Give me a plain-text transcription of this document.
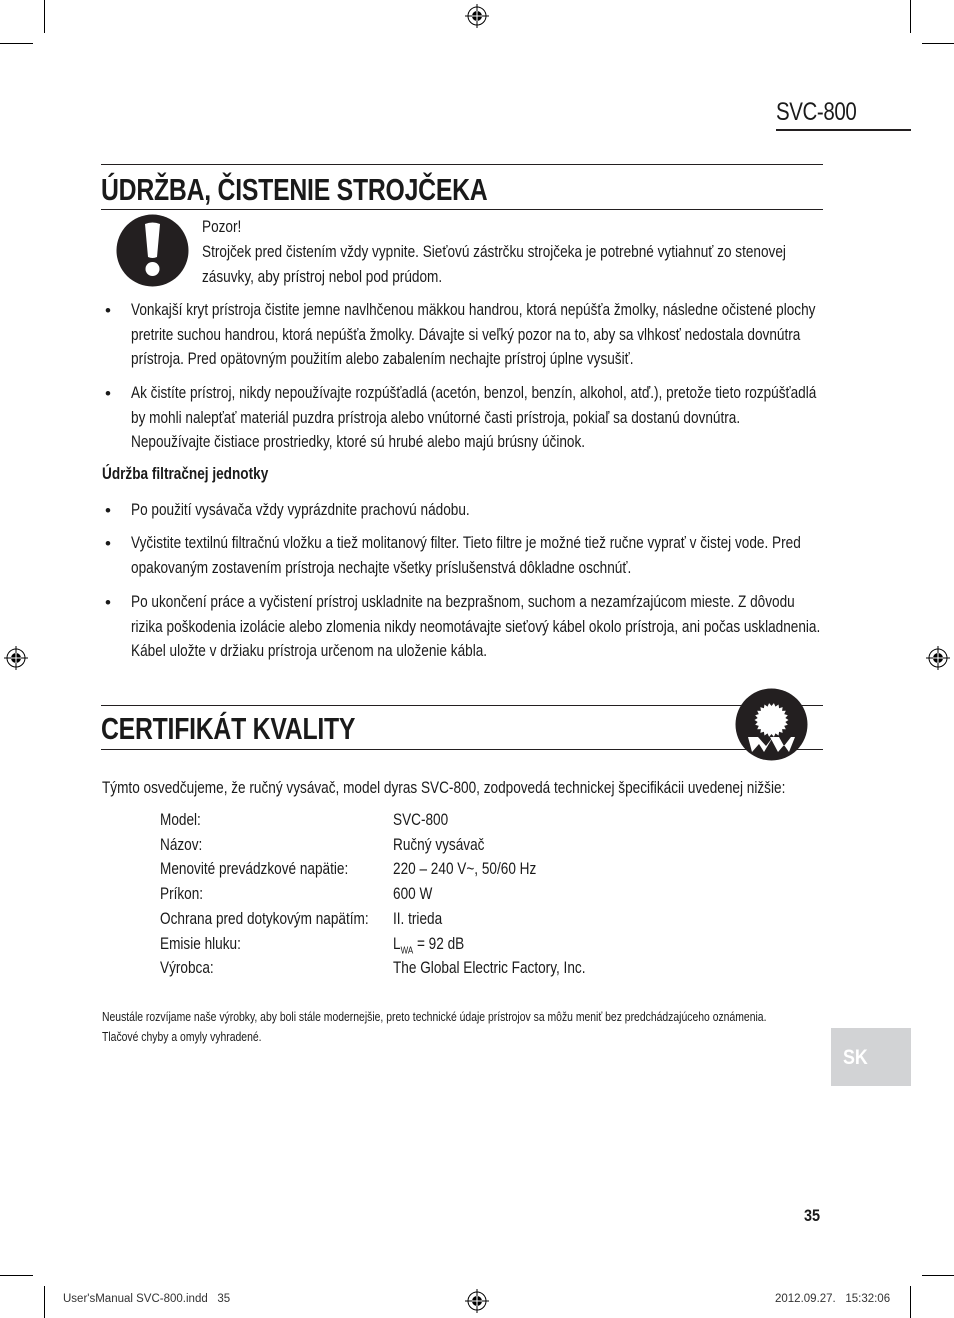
SVC-800
ÚDRŽBA, ČISTENIE STROJČEKA
Pozor!
Strojček pred čistením vždy vypnite. Sieťovú zástrčku strojčeka je potrebné vytiahnuť zo stenovej zásuvky, aby prístroj nebol pod prúdom.
• Vonkajší kryt prístroja čistite jemne navlhčenou mäkkou handrou, ktorá nepúšťa žmolky, následne očistené plochy pretrite suchou handrou, ktorá nepúšťa žmolky. Dávajte si veľký pozor na to, aby sa vlhkosť nedostala dovnútra prístroja. Pred opätovným použitím alebo zabalením nechajte prístroj úplne vysušiť.
• Ak čistíte prístroj, nikdy nepoužívajte rozpúšťadlá (acetón, benzol, benzín, alkohol, atď.), pretože tieto rozpúšťadlá by mohli nalepťať materiál puzdra prístroja alebo vnútorné časti prístroja, pokiaľ sa dostanú dovnútra. Nepoužívajte čistiace prostriedky, ktoré sú hrubé alebo majú brúsny účinok.
Údržba filtračnej jednotky
• Po použití vysávača vždy vyprázdnite prachovú nádobu.
• Vyčistite textilnú filtračnú vložku a tiež molitanový filter. Tieto filtre je možné tiež ručne vyprať v čistej vode. Pred opakovaným zostavením prístroja nechajte všetky príslušenstvá dôkladne oschnúť.
• Po ukončení práce a vyčistení prístroj uskladnite na bezprašnom, suchom a nezamŕzajúcom mieste. Z dôvodu rizika poškodenia izolácie alebo zlomenia nikdy neomotávajte sieťový kábel okolo prístroja, ani počas uskladnenia. Kábel uložte v držiaku prístroja určenom na uloženie kábla.
CERTIFIKÁT KVALITY
Týmto osvedčujeme, že ručný vysávač, model dyras SVC-800, zodpovedá technickej špecifikácii uvedenej nižšie:
Model:	SVC-800
Názov:	Ručný vysávač
Menovité prevádzkové napätie:	220 – 240 V~, 50/60 Hz
Príkon:	600 W
Ochrana pred dotykovým napätím: II. trieda
Emisie hluku:	$L_{WA} = 92$ dB
Výrobca:	The Global Electric Factory, Inc.
Neustále rozvíjame naše výrobky, aby boli stále modernejšie, preto technické údaje prístrojov sa môžu meniť bez predchádzajúceho oznámenia. Tlačové chyby a omyly vyhradené.
SK
35
User'sManual SVC-800.indd   35	2012.09.27.   15:32:06
